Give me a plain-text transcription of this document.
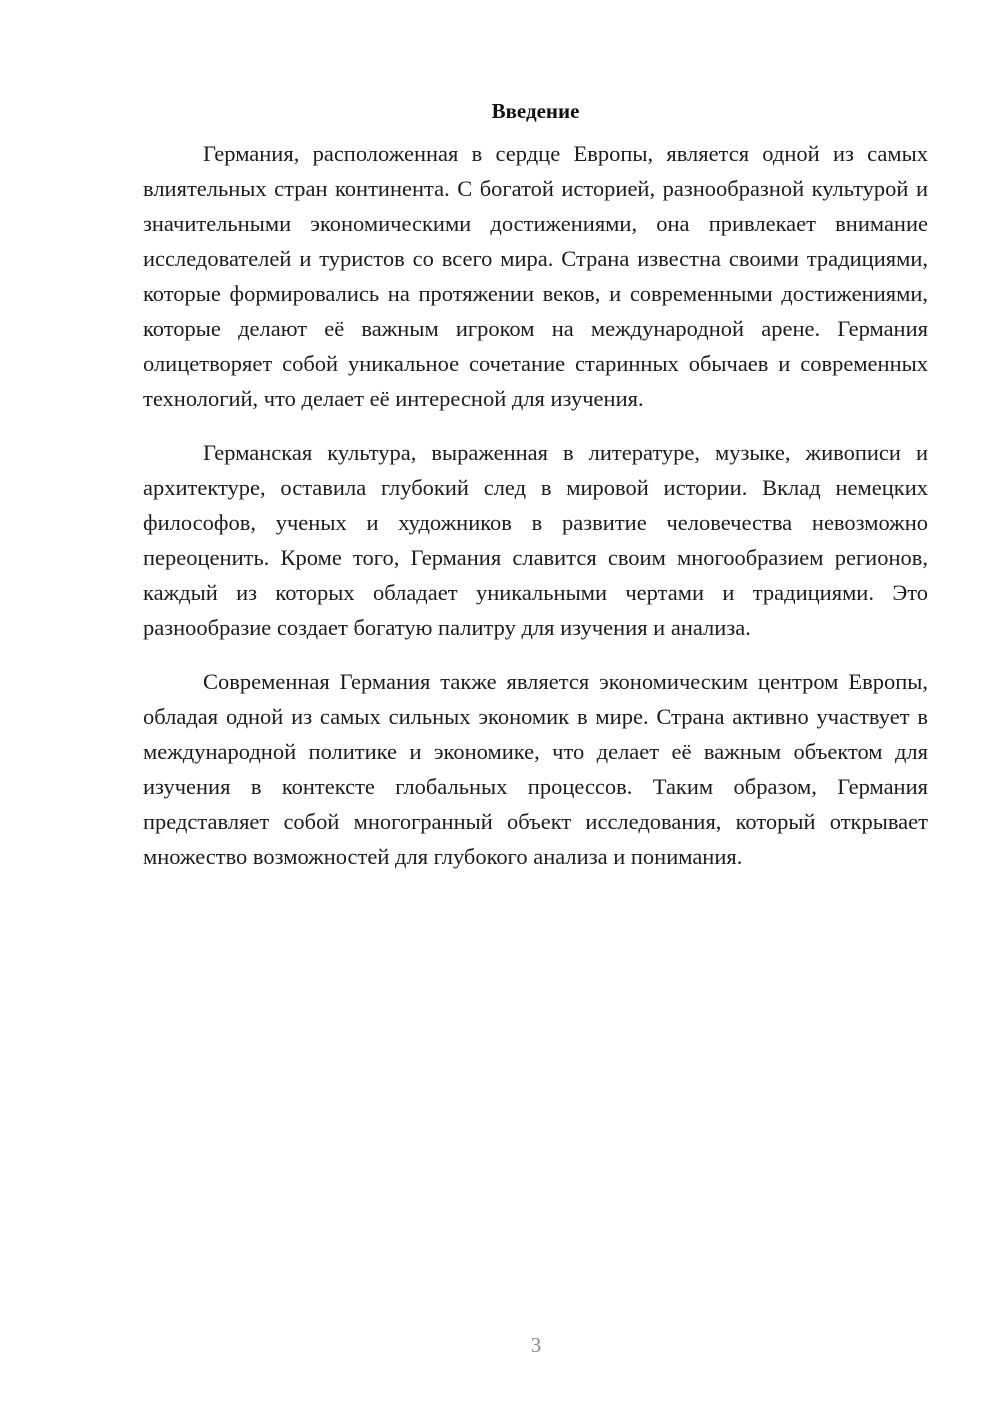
Введение

Германия, расположенная в сердце Европы, является одной из самых влиятельных стран континента. С богатой историей, разнообразной культурой и значительными экономическими достижениями, она привлекает внимание исследователей и туристов со всего мира. Страна известна своими традициями, которые формировались на протяжении веков, и современными достижениями, которые делают её важным игроком на международной арене. Германия олицетворяет собой уникальное сочетание старинных обычаев и современных технологий, что делает её интересной для изучения.

Германская культура, выраженная в литературе, музыке, живописи и архитектуре, оставила глубокий след в мировой истории. Вклад немецких философов, ученых и художников в развитие человечества невозможно переоценить. Кроме того, Германия славится своим многообразием регионов, каждый из которых обладает уникальными чертами и традициями. Это разнообразие создает богатую палитру для изучения и анализа.

Современная Германия также является экономическим центром Европы, обладая одной из самых сильных экономик в мире. Страна активно участвует в международной политике и экономике, что делает её важным объектом для изучения в контексте глобальных процессов. Таким образом, Германия представляет собой многогранный объект исследования, который открывает множество возможностей для глубокого анализа и понимания.

3
